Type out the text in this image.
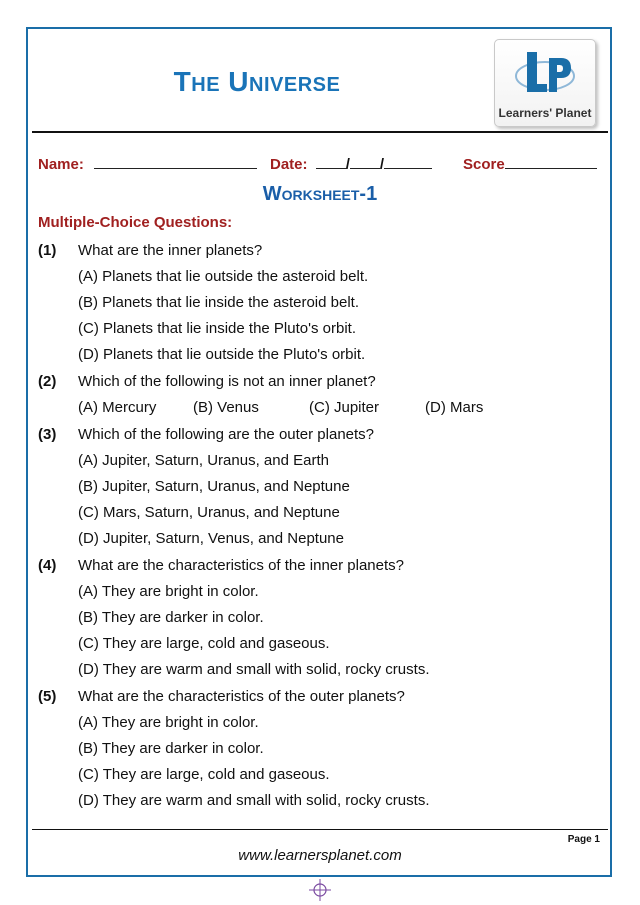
The Universe
Learners' Planet
Name:	Date:	/ /	Score
Worksheet-1
Multiple-Choice Questions:
(1) What are the inner planets?
(A) Planets that lie outside the asteroid belt.
(B) Planets that lie inside the asteroid belt.
(C) Planets that lie inside the Pluto's orbit.
(D) Planets that lie outside the Pluto's orbit.
(2) Which of the following is not an inner planet?
(A) Mercury (B) Venus	(C) Jupiter	(D) Mars
(3) Which of the following are the outer planets?
(A) Jupiter, Saturn, Uranus, and Earth
(B) Jupiter, Saturn, Uranus, and Neptune
(C) Mars, Saturn, Uranus, and Neptune
(D) Jupiter, Saturn, Venus, and Neptune
(4) What are the characteristics of the inner planets?
(A) They are bright in color.
(B) They are darker in color.
(C) They are large, cold and gaseous.
(D) They are warm and small with solid, rocky crusts.
(5) What are the characteristics of the outer planets?
(A) They are bright in color.
(B) They are darker in color.
(C) They are large, cold and gaseous.
(D) They are warm and small with solid, rocky crusts.
Page 1
www.learnersplanet.com
